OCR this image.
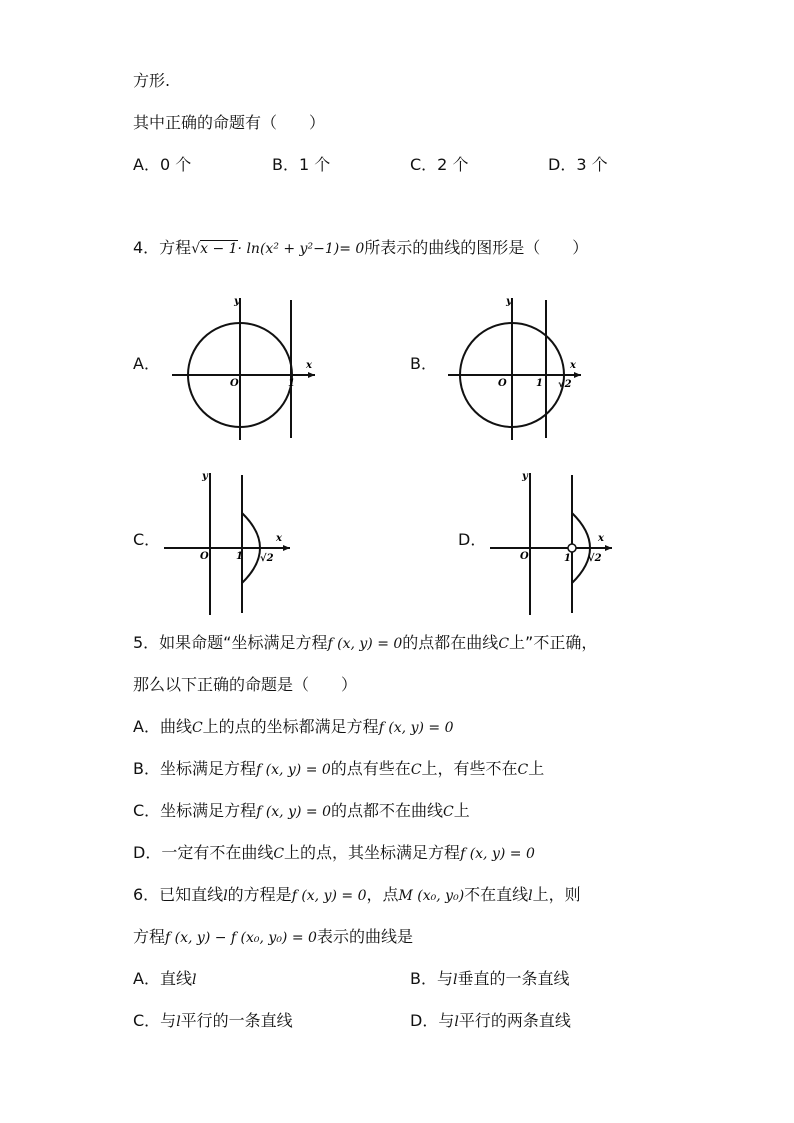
方形.
其中正确的命题有（　　）
A．0 个	B．1 个	C．2 个	D．3 个
4．方程√x − 1· ln(x² + y²−1)= 0所表示的曲线的图形是（　　）
A．	B．
C．	D．
y
x
O	1
y
x
O	1 √2
y
x
O	1 √2
y
x
O	1 √2
5．如果命题“坐标满足方程f (x, y) = 0的点都在曲线C上”不正确，
那么以下正确的命题是（　　）
A．曲线C上的点的坐标都满足方程f (x, y) = 0
B．坐标满足方程f (x, y) = 0的点有些在C上，有些不在C上
C．坐标满足方程f (x, y) = 0的点都不在曲线C上
D．一定有不在曲线C上的点，其坐标满足方程f (x, y) = 0
6．已知直线l的方程是f (x, y) = 0，点M (x₀, y₀)不在直线l上，则
方程f (x, y) − f (x₀, y₀) = 0表示的曲线是
A．直线l	B．与l垂直的一条直线
C．与l平行的一条直线	D．与l平行的两条直线
